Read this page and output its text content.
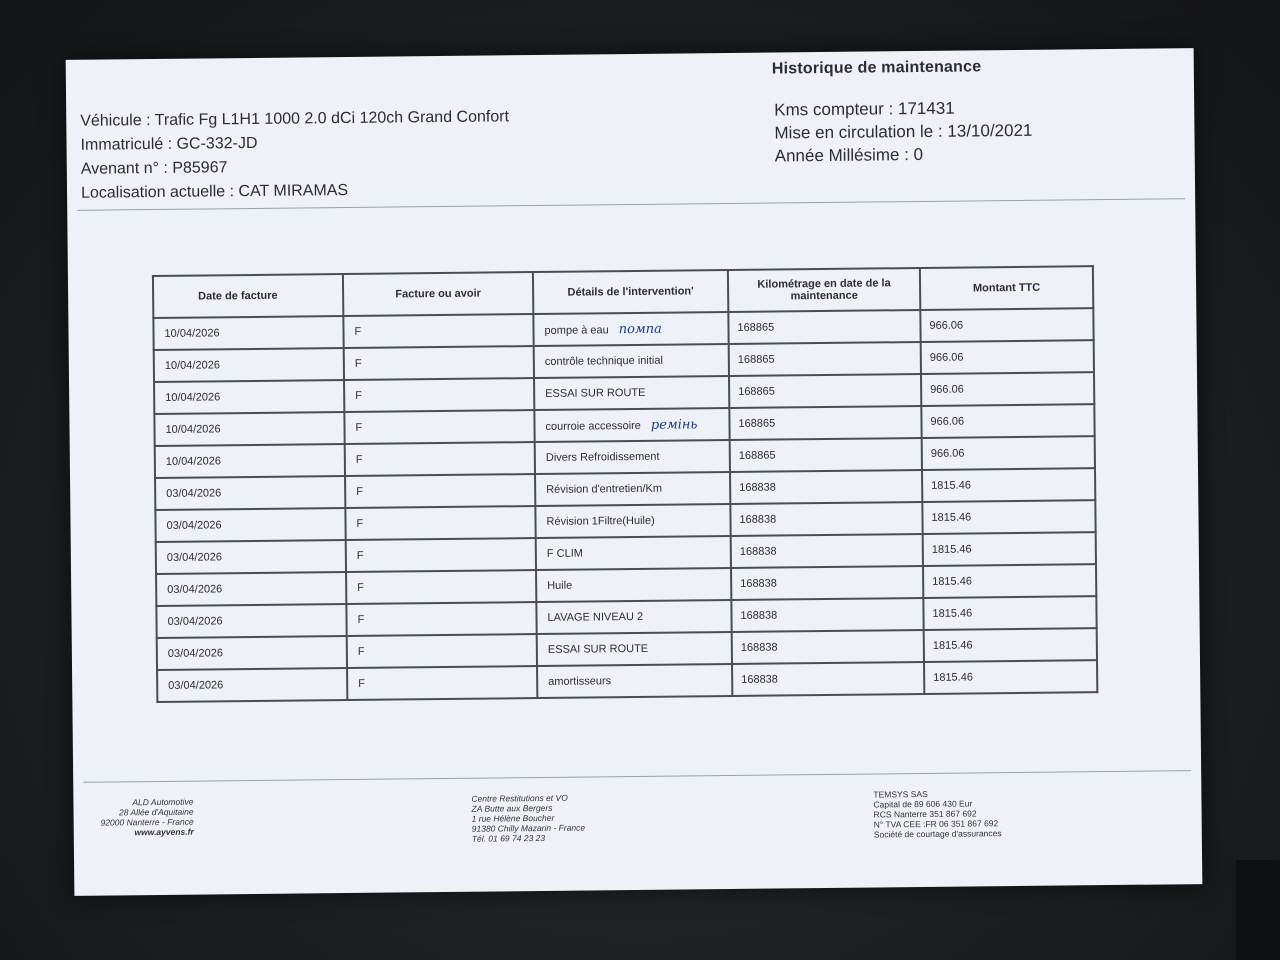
Historique de maintenance
Véhicule : Trafic Fg L1H1 1000 2.0 dCi 120ch Grand Confort
Immatriculé : GC-332-JD
Avenant n° : P85967
Localisation actuelle : CAT MIRAMAS
Kms compteur : 171431
Mise en circulation le : 13/10/2021
Année Millésime : 0
Date de facture	Facture ou avoir	Détails de l'intervention'	Kilométrage en date de la maintenance	Montant TTC
10/04/2026	F	pompe à eau помпа	168865	966.06
10/04/2026	F	contrôle technique initial	168865	966.06
10/04/2026	F	ESSAI SUR ROUTE	168865	966.06
10/04/2026	F	courroie accessoire ремінь	168865	966.06
10/04/2026	F	Divers Refroidissement	168865	966.06
03/04/2026	F	Révision d'entretien/Km	168838	1815.46
03/04/2026	F	Révision 1Filtre(Huile)	168838	1815.46
03/04/2026	F	F CLIM	168838	1815.46
03/04/2026	F	Huile	168838	1815.46
03/04/2026	F	LAVAGE NIVEAU 2	168838	1815.46
03/04/2026	F	ESSAI SUR ROUTE	168838	1815.46
03/04/2026	F	amortisseurs	168838	1815.46
ALD Automotive
28 Allée d'Aquitaine
92000 Nanterre - France
www.ayvens.fr
Centre Restitutions et VO
ZA Butte aux Bergers
1 rue Hélène Boucher
91380 Chilly Mazarin - France
Tél. 01 69 74 23 23
TEMSYS SAS
Capital de 89 606 430 Eur
RCS Nanterre 351 867 692
N° TVA CEE :FR 06 351 867 692
Société de courtage d'assurances
